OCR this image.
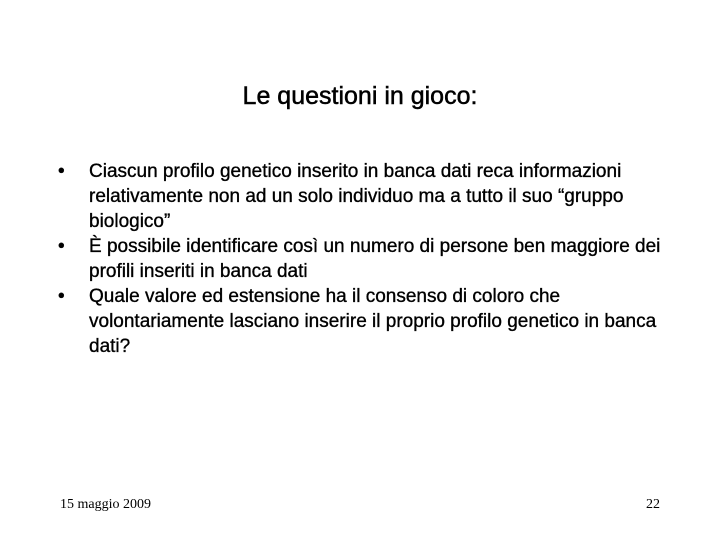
Le questioni in gioco:
•	Ciascun profilo genetico inserito in banca dati reca informazioni relativamente non ad un solo individuo ma a tutto il suo “gruppo biologico”
•	È possibile identificare così un numero di persone ben maggiore dei profili inseriti in banca dati
•	Quale valore ed estensione ha il consenso di coloro che volontariamente lasciano inserire il proprio profilo genetico in banca dati?
15 maggio 2009	22
